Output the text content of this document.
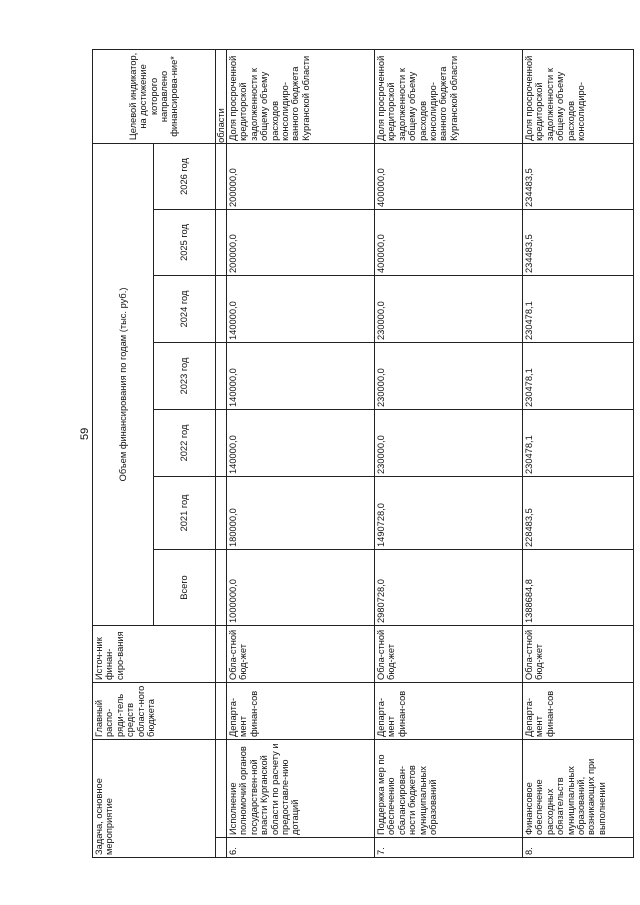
59
Задача, основное мероприятие		Главный распо-ряди-тель средств област-ного бюджета	Источ-ник финан-сиро-вания	Объем финансирования по годам (тыс. руб.)							Целевой индикатор, на достижение которого направлено финансирова-ние*
				Всего	2021 год	2022 год	2023 год	2024 год	2025 год	2026 год	
											области
6.	Исполнение полномочий органов государствен-ной власти Курганской области по расчету и предоставле-нию дотаций	Департа-мент финан-сов	Обла-стной бюд-жет	1000000,0	180000,0	140000,0	140000,0	140000,0	200000,0	200000,0	Доля просроченной кредиторской задолженности к общему объему расходов консолидиро-ванного бюджета Курганской области
7.	Поддержка мер по обеспечению сбалансирован-ности бюджетов муниципальных образований	Департа-мент финан-сов	Обла-стной бюд-жет	2980728,0	1490728,0	230000,0	230000,0	230000,0	400000,0	400000,0	Доля просроченной кредиторской задолженности к общему объему расходов консолидиро-ванного бюджета Курганской области
8.	Финансовое обеспечение расходных обязательств муниципальных образований, возникающих при выполнении	Департа-мент финан-сов	Обла-стной бюд-жет	1388684,8	228483,5	230478,1	230478,1	230478,1	234483,5	234483,5	Доля просроченной кредиторской задолженности к общему объему расходов консолидиро-
